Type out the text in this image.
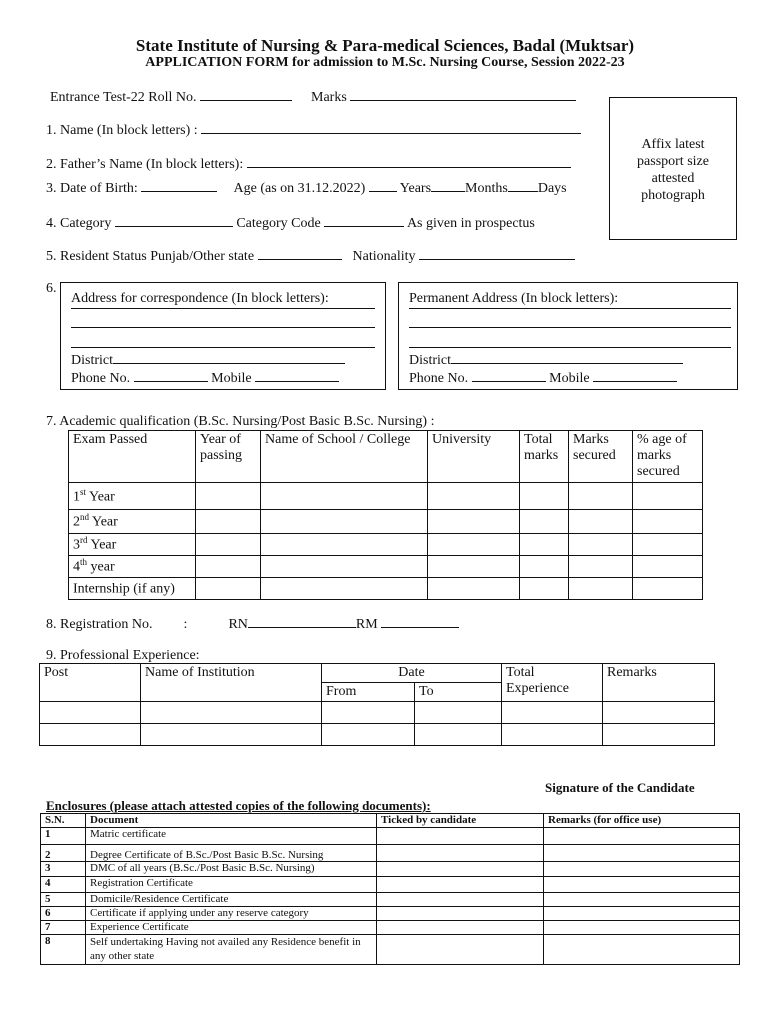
State Institute of Nursing & Para-medical Sciences, Badal (Muktsar)
APPLICATION FORM for admission to M.Sc. Nursing Course, Session 2022-23
Entrance Test-22 Roll No.	Marks
1. Name (In block letters) :
2. Father’s Name (In block letters):
3. Date of Birth:	Age (as on 31.12.2022) Years Months Days
Affix latest
passport size
attested
photograph
4. Category	Category Code	As given in prospectus
5. Resident Status Punjab/Other state	Nationality
6.
Address for correspondence (In block letters):
District
Phone No.	Mobile
Permanent Address (In block letters):
District
Phone No.	Mobile
7. Academic qualification (B.Sc. Nursing/Post Basic B.Sc. Nursing) :
Exam Passed	Year of passing	Name of School / College	University	Total marks	Marks secured	% age of marks secured
1st Year						
2nd Year						
3rd Year						
4th year						
Internship (if any)						
8. Registration No. :	RN	RM
9. Professional Experience:
Post	Name of Institution	Date		Total Experience	Remarks
		From	To		

Signature of the Candidate
Enclosures (please attach attested copies of the following documents):
S.N.	Document	Ticked by candidate	Remarks (for office use)
1	Matric certificate		
2	Degree Certificate of B.Sc./Post Basic B.Sc. Nursing		
3	DMC of all years (B.Sc./Post Basic B.Sc. Nursing)		
4	Registration Certificate		
5	Domicile/Residence Certificate		
6	Certificate if applying under any reserve category		
7	Experience Certificate		
8	Self undertaking Having not availed any Residence benefit in any other state		
